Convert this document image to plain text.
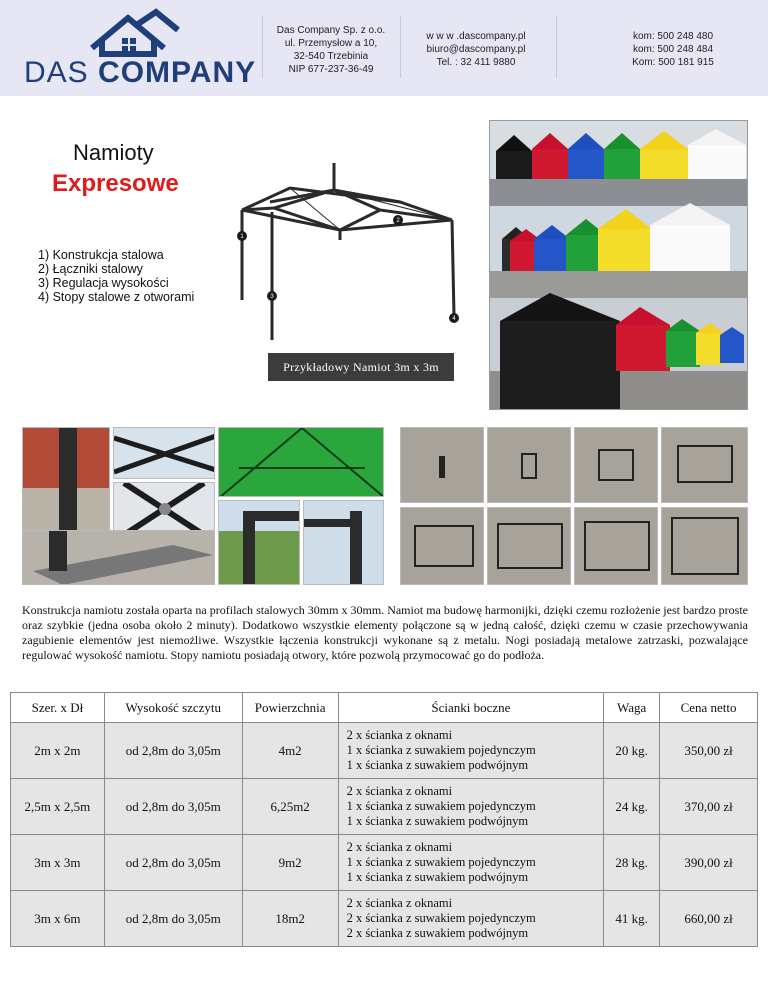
DAS COMPANY
Das Company Sp. z o.o.
ul. Przemysłow a 10,
32-540 Trzebinia
NIP 677-237-36-49
w w w .dascompany.pl
biuro@dascompany.pl
Tel. : 32 411 9880
kom: 500 248 480
kom: 500 248 484
Kom: 500 181 915
Namioty
Expresowe
1) Konstrukcja stalowa
2) Łączniki stalowy
3) Regulacja wysokości
4) Stopy stalowe z otworami
1
2
3
4
Przykładowy Namiot 3m x 3m

Konstrukcja namiotu została oparta na profilach stalowych 30mm x 30mm. Namiot ma budowę harmonijki, dzięki czemu rozłożenie jest bardzo proste oraz szybkie (jedna osoba około 2 minuty). Dodatkowo wszystkie elementy połączone są w jedną całość, dzięki czemu w czasie przechowywania zagubienie elementów jest niemożliwe. Wszystkie łączenia konstrukcji wykonane są z metalu. Nogi posiadają metalowe zatrzaski, pozwalające regulować wysokość namiotu. Stopy namiotu posiadają otwory, które pozwolą przymocować go do podłoża.

Szer. x Dł	Wysokość szczytu	Powierzchnia	Ścianki boczne	Waga	Cena netto
2m x 2m	od 2,8m do 3,05m	4m2	2 x ścianka z oknami
1 x ścianka z suwakiem pojedynczym
1 x ścianka z suwakiem podwójnym	20 kg.	350,00 zł
2,5m x 2,5m	od 2,8m do 3,05m	6,25m2	2 x ścianka z oknami
1 x ścianka z suwakiem pojedynczym
1 x ścianka z suwakiem podwójnym	24 kg.	370,00 zł
3m x 3m	od 2,8m do 3,05m	9m2	2 x ścianka z oknami
1 x ścianka z suwakiem pojedynczym
1 x ścianka z suwakiem podwójnym	28 kg.	390,00 zł
3m x 6m	od 2,8m do 3,05m	18m2	2 x ścianka z oknami
2 x ścianka z suwakiem pojedynczym
2 x ścianka z suwakiem podwójnym	41 kg.	660,00 zł
